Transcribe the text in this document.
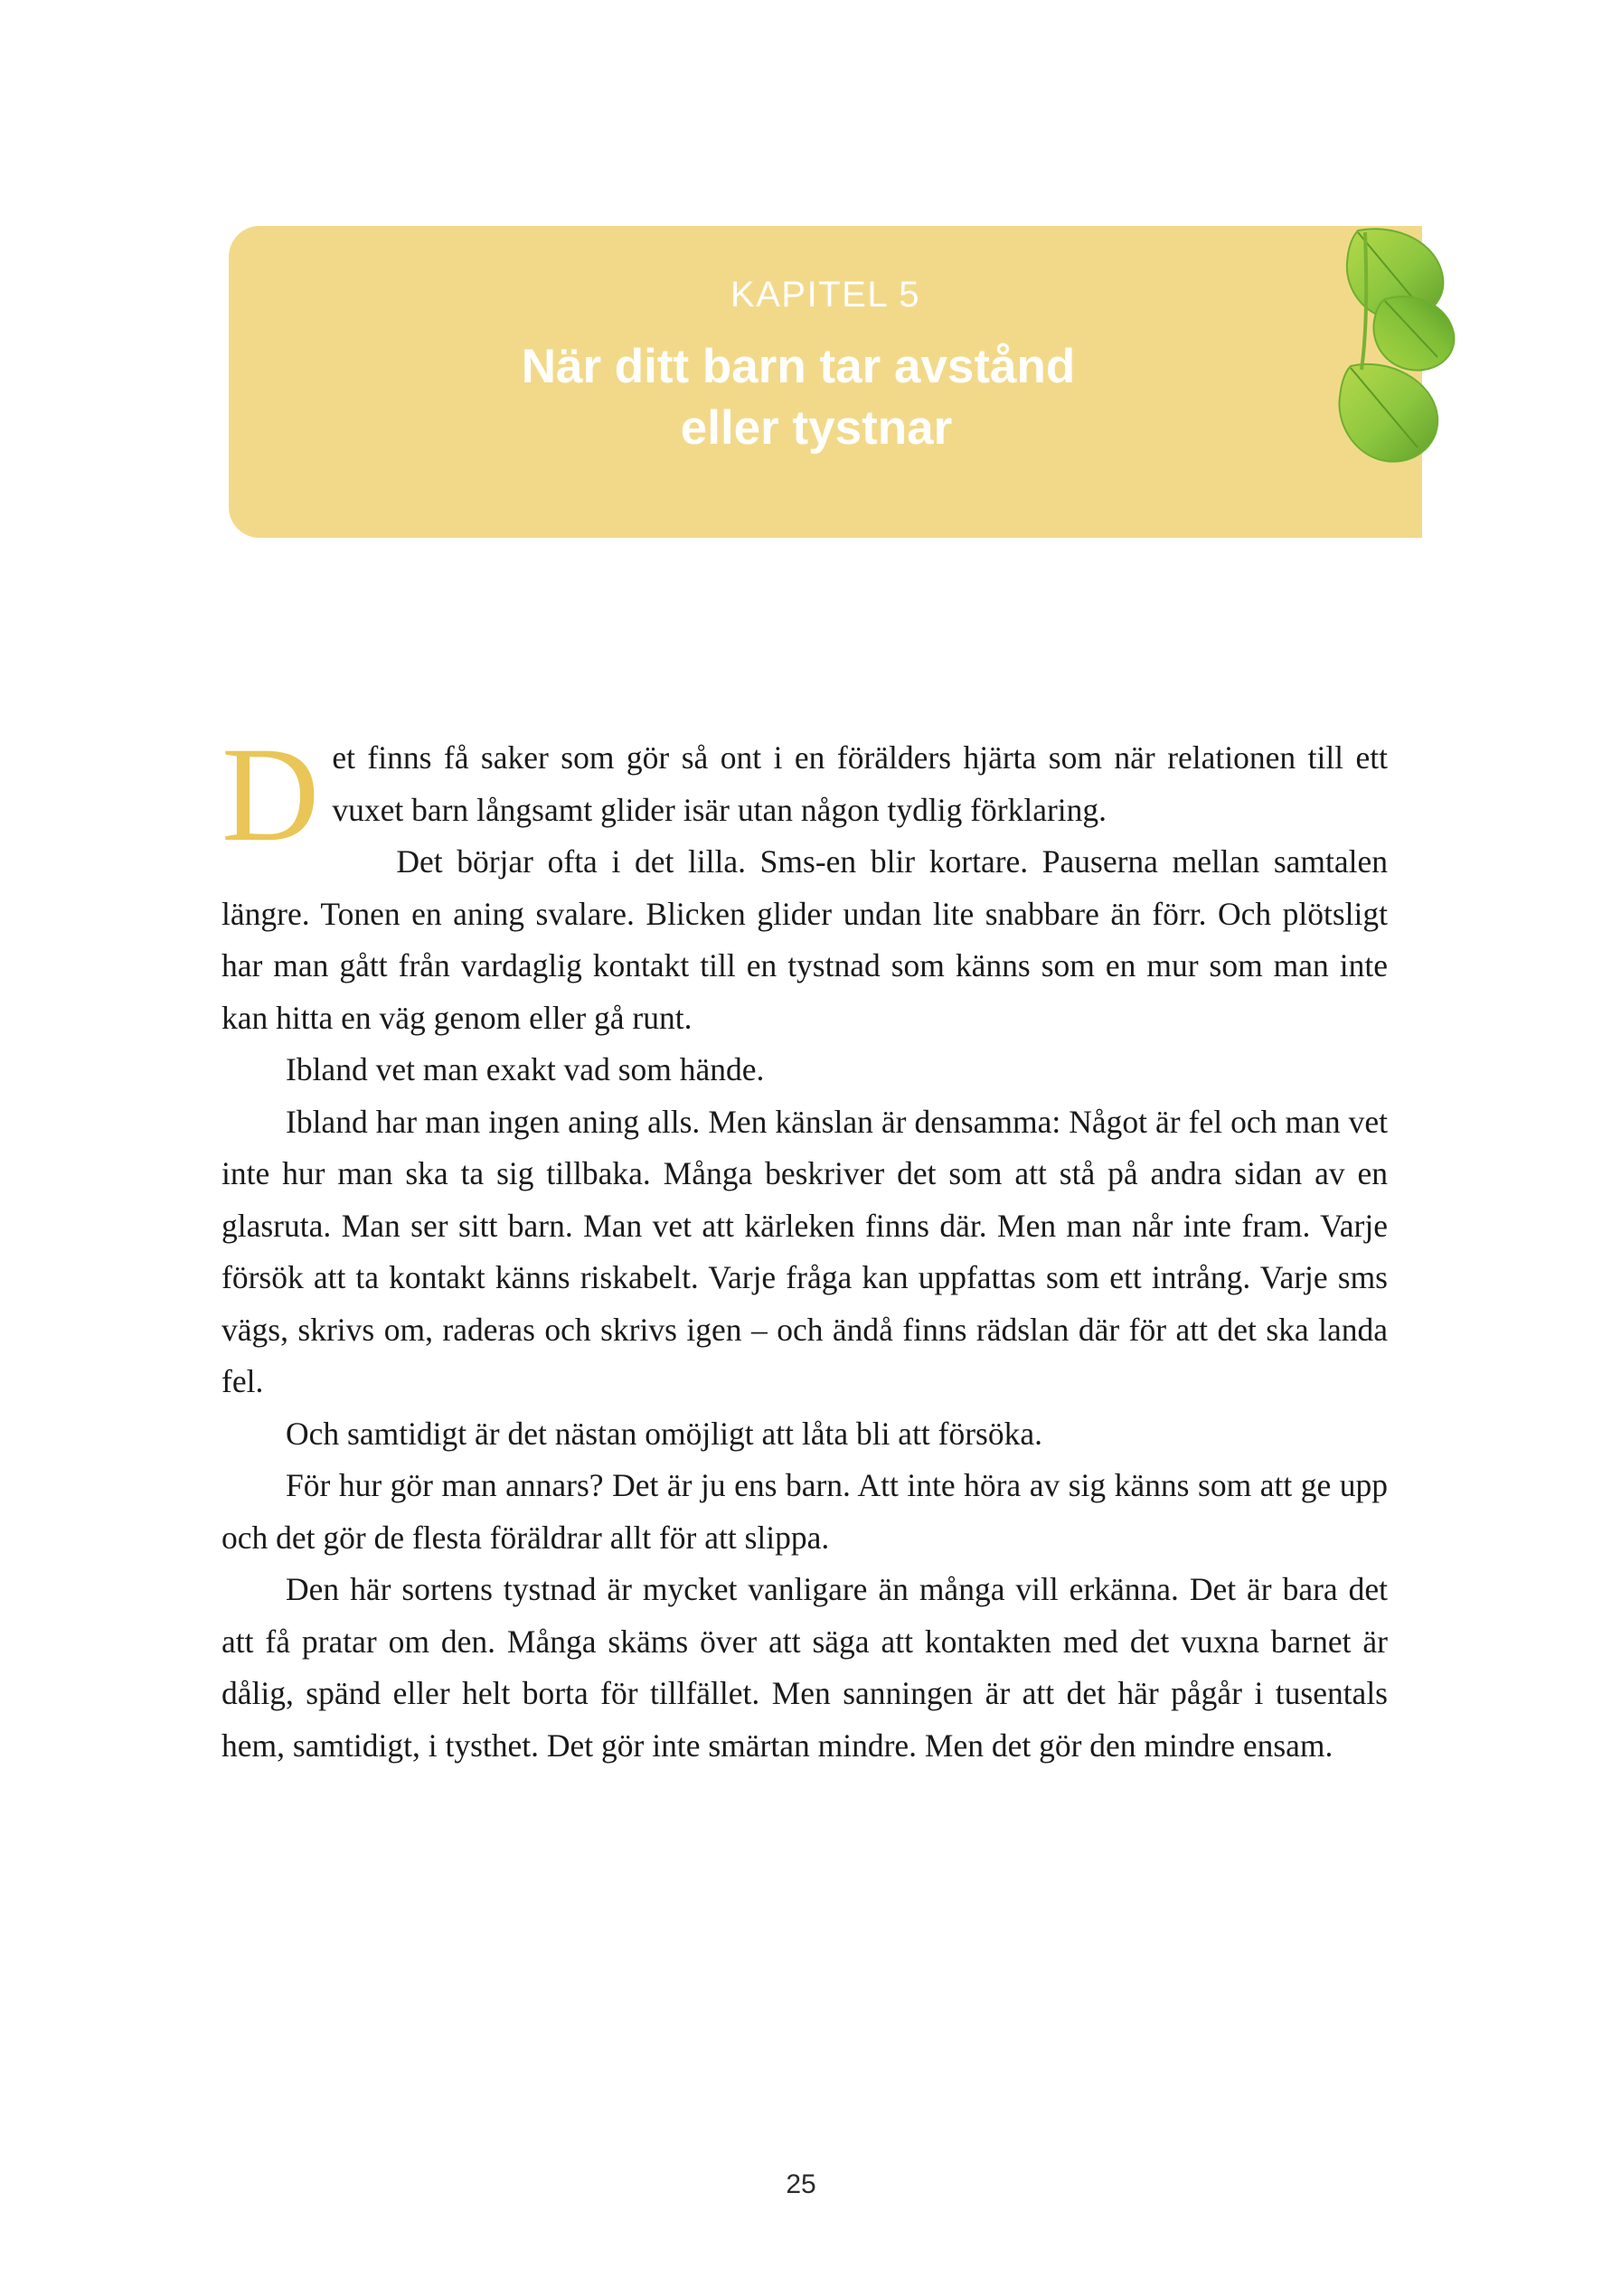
KAPITEL 5
När ditt barn tar avstånd
eller tystnar

Det finns få saker som gör så ont i en förälders hjärta som när relationen till ett vuxet barn långsamt glider isär utan någon tydlig förklaring.

Det börjar ofta i det lilla. Sms-en blir kortare. Pauserna mellan samtalen längre. Tonen en aning svalare. Blicken glider undan lite snabbare än förr. Och plötsligt har man gått från vardaglig kontakt till en tystnad som känns som en mur som man inte kan hitta en väg genom eller gå runt.

Ibland vet man exakt vad som hände.

Ibland har man ingen aning alls. Men känslan är densamma: Något är fel och man vet inte hur man ska ta sig tillbaka. Många beskriver det som att stå på andra sidan av en glasruta. Man ser sitt barn. Man vet att kärleken finns där. Men man når inte fram. Varje försök att ta kontakt känns riskabelt. Varje fråga kan uppfattas som ett intrång. Varje sms vägs, skrivs om, raderas och skrivs igen – och ändå finns rädslan där för att det ska landa fel.

Och samtidigt är det nästan omöjligt att låta bli att försöka.

För hur gör man annars? Det är ju ens barn. Att inte höra av sig känns som att ge upp och det gör de flesta föräldrar allt för att slippa.

Den här sortens tystnad är mycket vanligare än många vill erkänna. Det är bara det att få pratar om den. Många skäms över att säga att kontakten med det vuxna barnet är dålig, spänd eller helt borta för tillfället. Men sanningen är att det här pågår i tusentals hem, samtidigt, i tysthet. Det gör inte smärtan mindre. Men det gör den mindre ensam.

25
